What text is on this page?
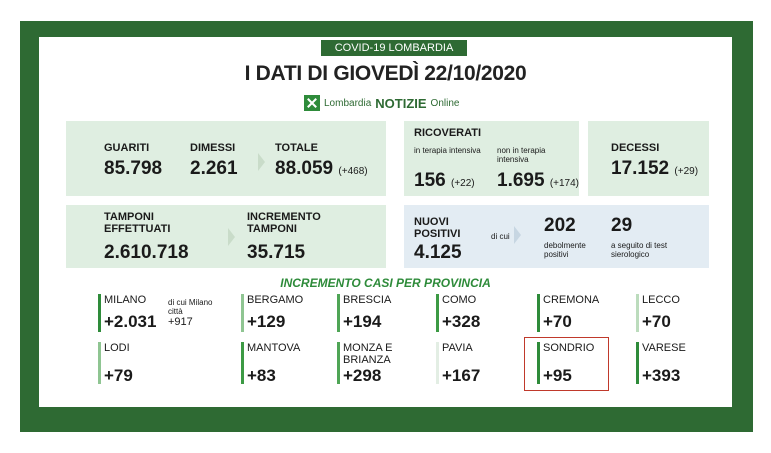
COVID-19 LOMBARDIA
I DATI DI GIOVEDÌ 22/10/2020
Lombardia NOTIZIE Online
GUARITI
85.798
DIMESSI
2.261
TOTALE
88.059 (+468)
RICOVERATI
in terapia intensiva
156 (+22)
non in terapia intensiva
1.695 (+174)
DECESSI
17.152 (+29)
TAMPONI EFFETTUATI
2.610.718
INCREMENTO TAMPONI
35.715
NUOVI POSITIVI
4.125
di cui
202
debolmente positivi
29
a seguito di test sierologico
INCREMENTO CASI PER PROVINCIA
MILANO
+2.031
di cui Milano città
+917
BERGAMO
+129
BRESCIA
+194
COMO
+328
CREMONA
+70
LECCO
+70
LODI
+79
MANTOVA
+83
MONZA E BRIANZA
+298
PAVIA
+167
SONDRIO
+95
VARESE
+393
